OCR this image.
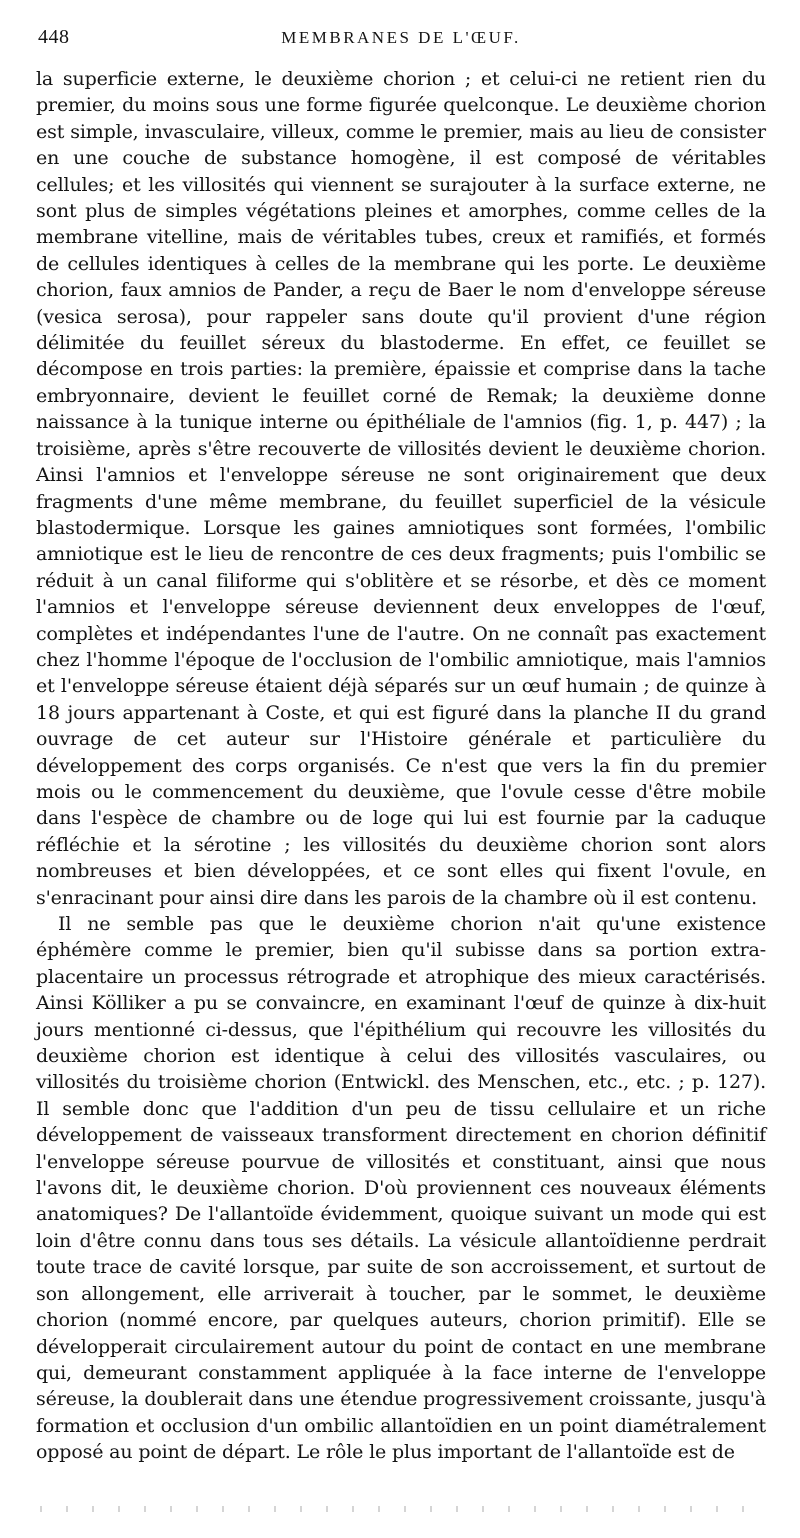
448	MEMBRANES DE L'ŒUF.

la superficie externe, le deuxième chorion ; et celui-ci ne retient rien du premier, du moins sous une forme figurée quelconque. Le deuxième chorion est simple, invasculaire, villeux, comme le premier, mais au lieu de consister en une couche de substance homogène, il est composé de véritables cellules; et les villosités qui viennent se surajouter à la surface externe, ne sont plus de simples végétations pleines et amorphes, comme celles de la membrane vitelline, mais de véritables tubes, creux et ramifiés, et formés de cellules identiques à celles de la membrane qui les porte. Le deuxième chorion, faux amnios de Pander, a reçu de Baer le nom d'enveloppe séreuse (vesica serosa), pour rappeler sans doute qu'il provient d'une région délimitée du feuillet séreux du blastoderme. En effet, ce feuillet se décompose en trois parties: la première, épaissie et comprise dans la tache embryonnaire, devient le feuillet corné de Remak; la deuxième donne naissance à la tunique interne ou épithéliale de l'amnios (fig. 1, p. 447) ; la troisième, après s'être recouverte de villosités devient le deuxième chorion. Ainsi l'amnios et l'enveloppe séreuse ne sont originairement que deux fragments d'une même membrane, du feuillet superficiel de la vésicule blastodermique. Lorsque les gaines amniotiques sont formées, l'ombilic amniotique est le lieu de rencontre de ces deux fragments; puis l'ombilic se réduit à un canal filiforme qui s'oblitère et se résorbe, et dès ce moment l'amnios et l'enveloppe séreuse deviennent deux enveloppes de l'œuf, complètes et indépendantes l'une de l'autre. On ne connaît pas exactement chez l'homme l'époque de l'occlusion de l'ombilic amniotique, mais l'amnios et l'enveloppe séreuse étaient déjà séparés sur un œuf humain ; de quinze à 18 jours appartenant à Coste, et qui est figuré dans la planche II du grand ouvrage de cet auteur sur l'Histoire générale et particulière du développement des corps organisés. Ce n'est que vers la fin du premier mois ou le commencement du deuxième, que l'ovule cesse d'être mobile dans l'espèce de chambre ou de loge qui lui est fournie par la caduque réfléchie et la sérotine ; les villosités du deuxième chorion sont alors nombreuses et bien développées, et ce sont elles qui fixent l'ovule, en s'enracinant pour ainsi dire dans les parois de la chambre où il est contenu.

Il ne semble pas que le deuxième chorion n'ait qu'une existence éphémère comme le premier, bien qu'il subisse dans sa portion extra-placentaire un processus rétrograde et atrophique des mieux caractérisés. Ainsi Kölliker a pu se convaincre, en examinant l'œuf de quinze à dix-huit jours mentionné ci-dessus, que l'épithélium qui recouvre les villosités du deuxième chorion est identique à celui des villosités vasculaires, ou villosités du troisième chorion (Entwickl. des Menschen, etc., etc. ; p. 127). Il semble donc que l'addition d'un peu de tissu cellulaire et un riche développement de vaisseaux transforment directement en chorion définitif l'enveloppe séreuse pourvue de villosités et constituant, ainsi que nous l'avons dit, le deuxième chorion. D'où proviennent ces nouveaux éléments anatomiques? De l'allantoïde évidemment, quoique suivant un mode qui est loin d'être connu dans tous ses détails. La vésicule allantoïdienne perdrait toute trace de cavité lorsque, par suite de son accroissement, et surtout de son allongement, elle arriverait à toucher, par le sommet, le deuxième chorion (nommé encore, par quelques auteurs, chorion primitif). Elle se développerait circulairement autour du point de contact en une membrane qui, demeurant constamment appliquée à la face interne de l'enveloppe séreuse, la doublerait dans une étendue progressivement croissante, jusqu'à formation et occlusion d'un ombilic allantoïdien en un point diamétralement opposé au point de départ. Le rôle le plus important de l'allantoïde est de
